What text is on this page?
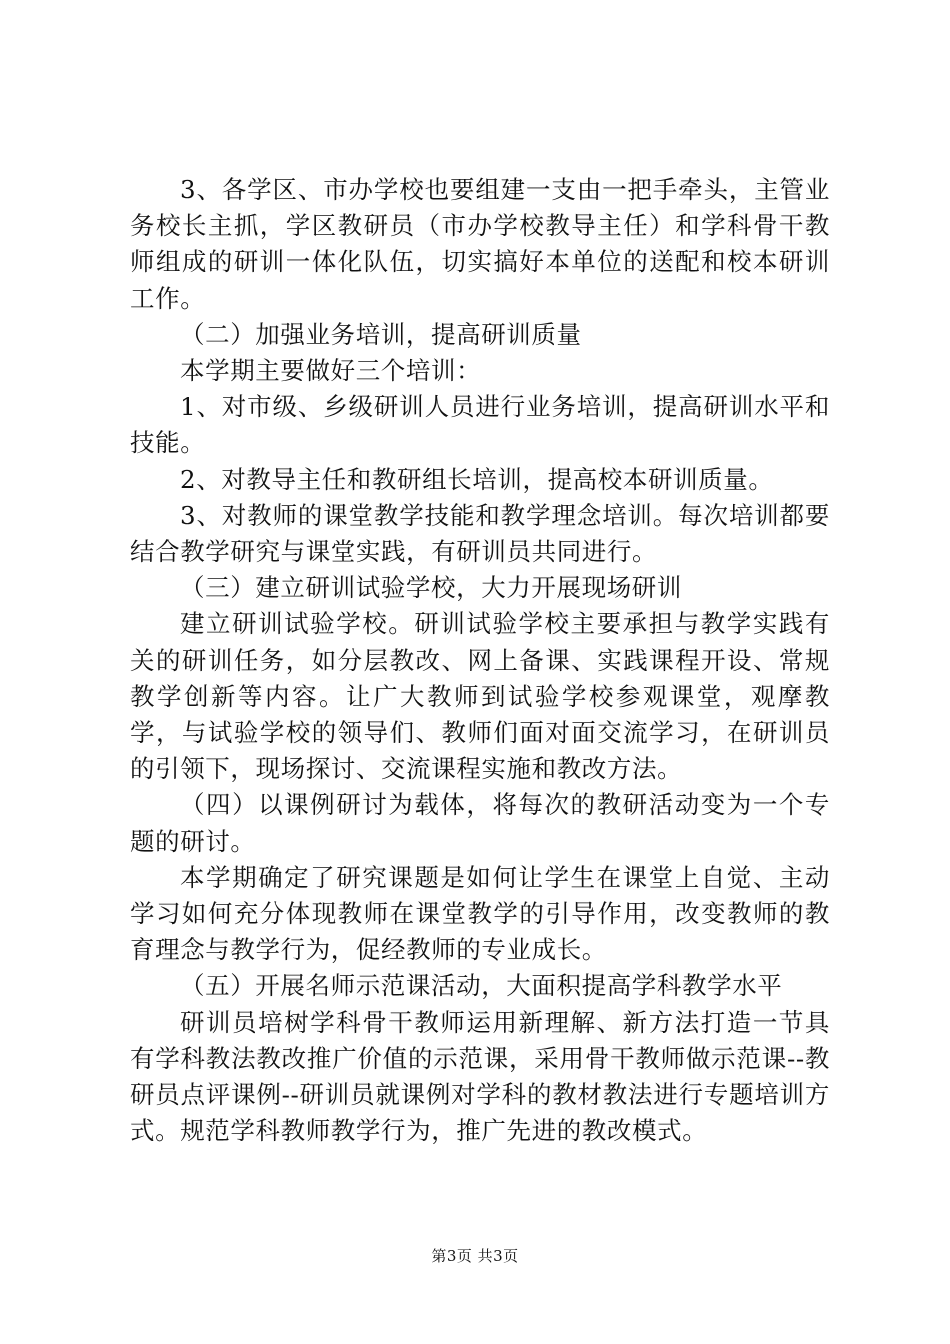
3、各学区、市办学校也要组建一支由一把手牵头，主管业务校长主抓，学区教研员（市办学校教导主任）和学科骨干教师组成的研训一体化队伍，切实搞好本单位的送配和校本研训工作。

（二）加强业务培训，提高研训质量

本学期主要做好三个培训：

1、对市级、乡级研训人员进行业务培训，提高研训水平和技能。

2、对教导主任和教研组长培训，提高校本研训质量。

3、对教师的课堂教学技能和教学理念培训。每次培训都要结合教学研究与课堂实践，有研训员共同进行。

（三）建立研训试验学校，大力开展现场研训

建立研训试验学校。研训试验学校主要承担与教学实践有关的研训任务，如分层教改、网上备课、实践课程开设、常规教学创新等内容。让广大教师到试验学校参观课堂，观摩教学，与试验学校的领导们、教师们面对面交流学习，在研训员的引领下，现场探讨、交流课程实施和教改方法。

（四）以课例研讨为载体，将每次的教研活动变为一个专题的研讨。

本学期确定了研究课题是如何让学生在课堂上自觉、主动学习如何充分体现教师在课堂教学的引导作用，改变教师的教育理念与教学行为，促经教师的专业成长。

（五）开展名师示范课活动，大面积提高学科教学水平

研训员培树学科骨干教师运用新理解、新方法打造一节具有学科教法教改推广价值的示范课，采用骨干教师做示范课--教研员点评课例--研训员就课例对学科的教材教法进行专题培训方式。规范学科教师教学行为，推广先进的教改模式。

第3页 共3页
